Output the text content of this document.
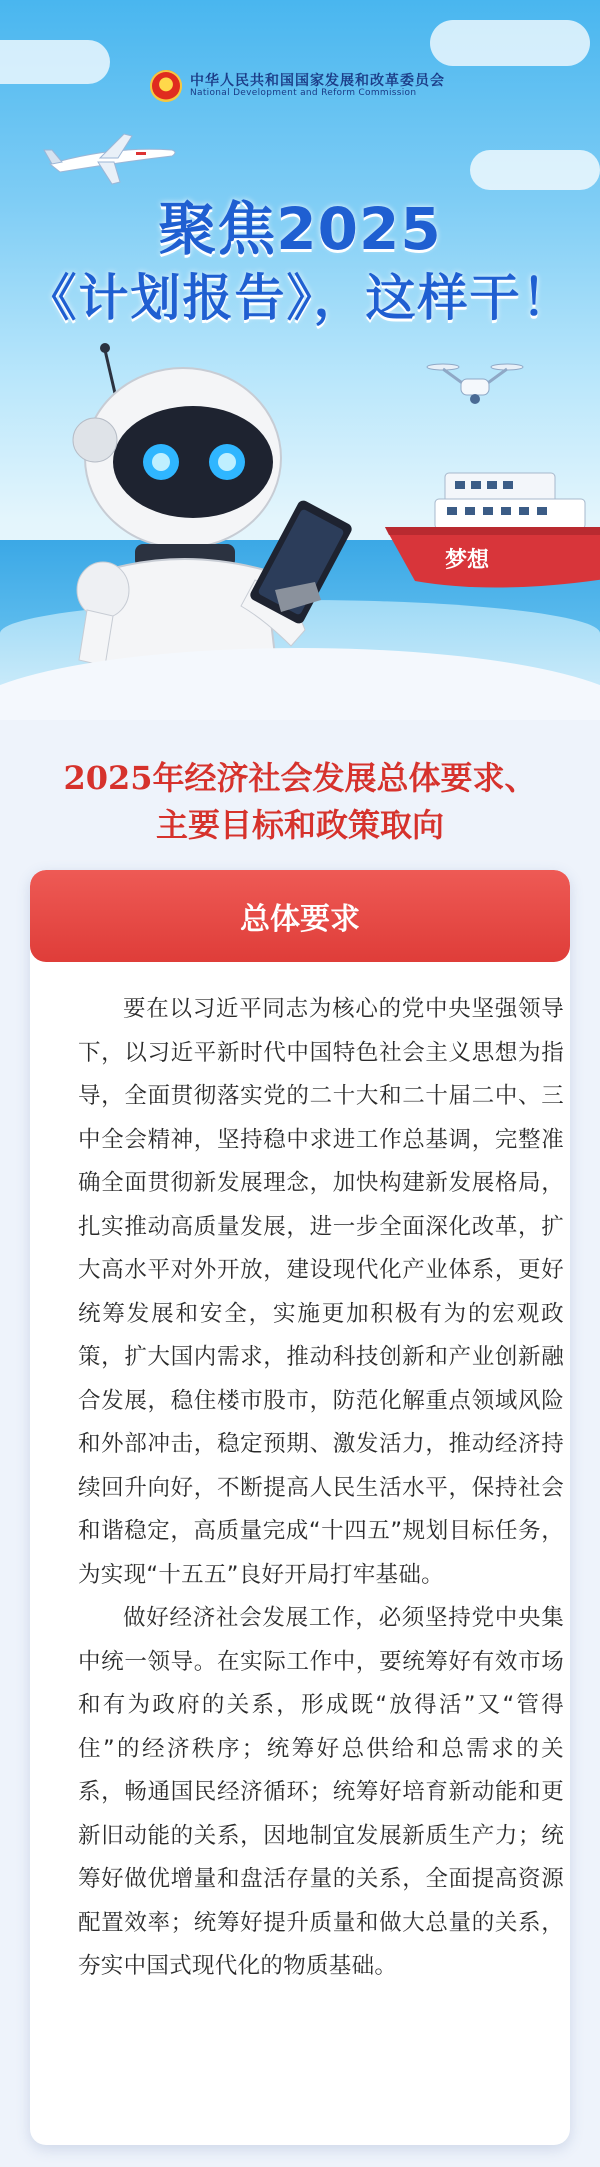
中华人民共和国国家发展和改革委员会
National Development and Reform Commission
聚焦2025
《计划报告》，这样干！
梦想
2025年经济社会发展总体要求、
主要目标和政策取向
总体要求

要在以习近平同志为核心的党中央坚强领导下，以习近平新时代中国特色社会主义思想为指导，全面贯彻落实党的二十大和二十届二中、三中全会精神，坚持稳中求进工作总基调，完整准确全面贯彻新发展理念，加快构建新发展格局，扎实推动高质量发展，进一步全面深化改革，扩大高水平对外开放，建设现代化产业体系，更好统筹发展和安全，实施更加积极有为的宏观政策，扩大国内需求，推动科技创新和产业创新融合发展，稳住楼市股市，防范化解重点领域风险和外部冲击，稳定预期、激发活力，推动经济持续回升向好，不断提高人民生活水平，保持社会和谐稳定，高质量完成“十四五”规划目标任务，为实现“十五五”良好开局打牢基础。

做好经济社会发展工作，必须坚持党中央集中统一领导。在实际工作中，要统筹好有效市场和有为政府的关系，形成既“放得活”又“管得住”的经济秩序；统筹好总供给和总需求的关系，畅通国民经济循环；统筹好培育新动能和更新旧动能的关系，因地制宜发展新质生产力；统筹好做优增量和盘活存量的关系，全面提高资源配置效率；统筹好提升质量和做大总量的关系，夯实中国式现代化的物质基础。
